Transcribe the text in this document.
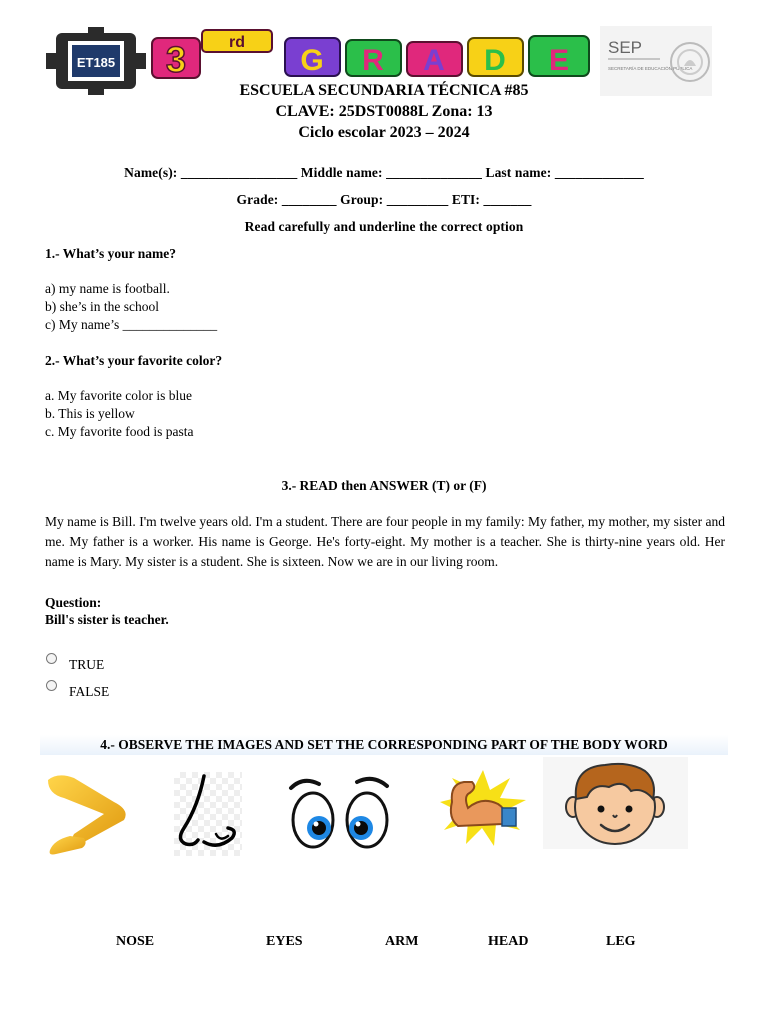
ET185 3	rd
G R A D E SEP
SECRETARÍA DE EDUCACIÓN PÚBLICA
ESCUELA SECUNDARIA TÉCNICA #85
CLAVE: 25DST0088L Zona: 13
Ciclo escolar 2023 – 2024
Name(s): _________________ Middle name: ______________ Last name: _____________
Grade: ________ Group: _________ ETI: _______
Read carefully and underline the correct option
1.- What’s your name?
a) my name is football.
b) she’s in the school
c) My name’s ______________
2.- What’s your favorite color?
a. My favorite color is blue
b. This is yellow
c. My favorite food is pasta
3.- READ then ANSWER (T) or (F)
My name is Bill. I'm twelve years old. I'm a student. There are four people in my family: My father, my mother, my sister and me. My father is a worker. His name is George. He's forty-eight. My mother is a teacher. She is thirty-nine years old. Her name is Mary. My sister is a student. She is sixteen. Now we are in our living room.
Question:
Bill's sister is teacher.
TRUE
FALSE
4.- OBSERVE THE IMAGES AND SET THE CORRESPONDING PART OF THE BODY WORD
NOSE	EYES	ARM	HEAD	LEG
